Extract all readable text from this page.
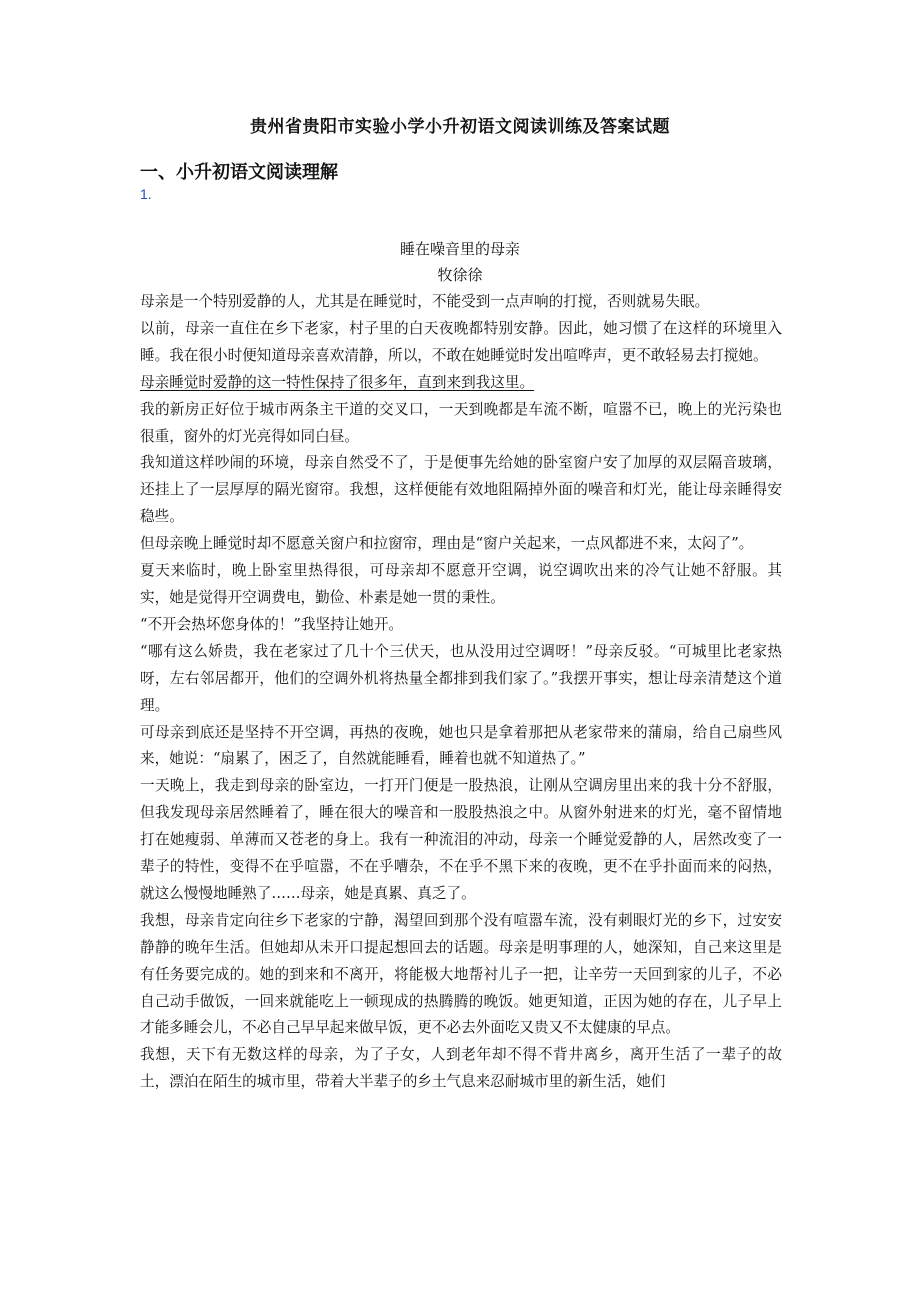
贵州省贵阳市实验小学小升初语文阅读训练及答案试题
一、小升初语文阅读理解
1.
睡在噪音里的母亲
牧徐徐

母亲是一个特别爱静的人，尤其是在睡觉时，不能受到一点声响的打搅，否则就易失眠。

以前，母亲一直住在乡下老家，村子里的白天夜晚都特别安静。因此，她习惯了在这样的环境里入睡。我在很小时便知道母亲喜欢清静，所以，不敢在她睡觉时发出喧哗声，更不敢轻易去打搅她。

母亲睡觉时爱静的这一特性保持了很多年，直到来到我这里。

我的新房正好位于城市两条主干道的交叉口，一天到晚都是车流不断，喧嚣不已，晚上的光污染也很重，窗外的灯光亮得如同白昼。

我知道这样吵闹的环境，母亲自然受不了，于是便事先给她的卧室窗户安了加厚的双层隔音玻璃，还挂上了一层厚厚的隔光窗帘。我想，这样便能有效地阻隔掉外面的噪音和灯光，能让母亲睡得安稳些。

但母亲晚上睡觉时却不愿意关窗户和拉窗帘，理由是“窗户关起来，一点风都进不来，太闷了”。

夏天来临时，晚上卧室里热得很，可母亲却不愿意开空调，说空调吹出来的冷气让她不舒服。其实，她是觉得开空调费电，勤俭、朴素是她一贯的秉性。

“不开会热坏您身体的！”我坚持让她开。

“哪有这么娇贵，我在老家过了几十个三伏天，也从没用过空调呀！”母亲反驳。“可城里比老家热呀，左右邻居都开，他们的空调外机将热量全都排到我们家了。”我摆开事实，想让母亲清楚这个道理。

可母亲到底还是坚持不开空调，再热的夜晚，她也只是拿着那把从老家带来的蒲扇，给自己扇些风来，她说：“扇累了，困乏了，自然就能睡看，睡着也就不知道热了。”

一天晚上，我走到母亲的卧室边，一打开门便是一股热浪，让刚从空调房里出来的我十分不舒服，但我发现母亲居然睡着了，睡在很大的噪音和一股股热浪之中。从窗外射进来的灯光，毫不留情地打在她瘦弱、单薄而又苍老的身上。我有一种流泪的冲动，母亲一个睡觉爱静的人，居然改变了一辈子的特性，变得不在乎喧嚣，不在乎嘈杂，不在乎不黑下来的夜晚，更不在乎扑面而来的闷热，就这么慢慢地睡熟了……母亲，她是真累、真乏了。

我想，母亲肯定向往乡下老家的宁静，渴望回到那个没有喧嚣车流，没有刺眼灯光的乡下，过安安静静的晚年生活。但她却从未开口提起想回去的话题。母亲是明事理的人，她深知，自己来这里是有任务要完成的。她的到来和不离开，将能极大地帮衬儿子一把，让辛劳一天回到家的儿子，不必自己动手做饭，一回来就能吃上一顿现成的热腾腾的晚饭。她更知道，正因为她的存在，儿子早上才能多睡会儿，不必自己早早起来做早饭，更不必去外面吃又贵又不太健康的早点。

我想，天下有无数这样的母亲，为了子女，人到老年却不得不背井离乡，离开生活了一辈子的故土，漂泊在陌生的城市里，带着大半辈子的乡土气息来忍耐城市里的新生活，她们
